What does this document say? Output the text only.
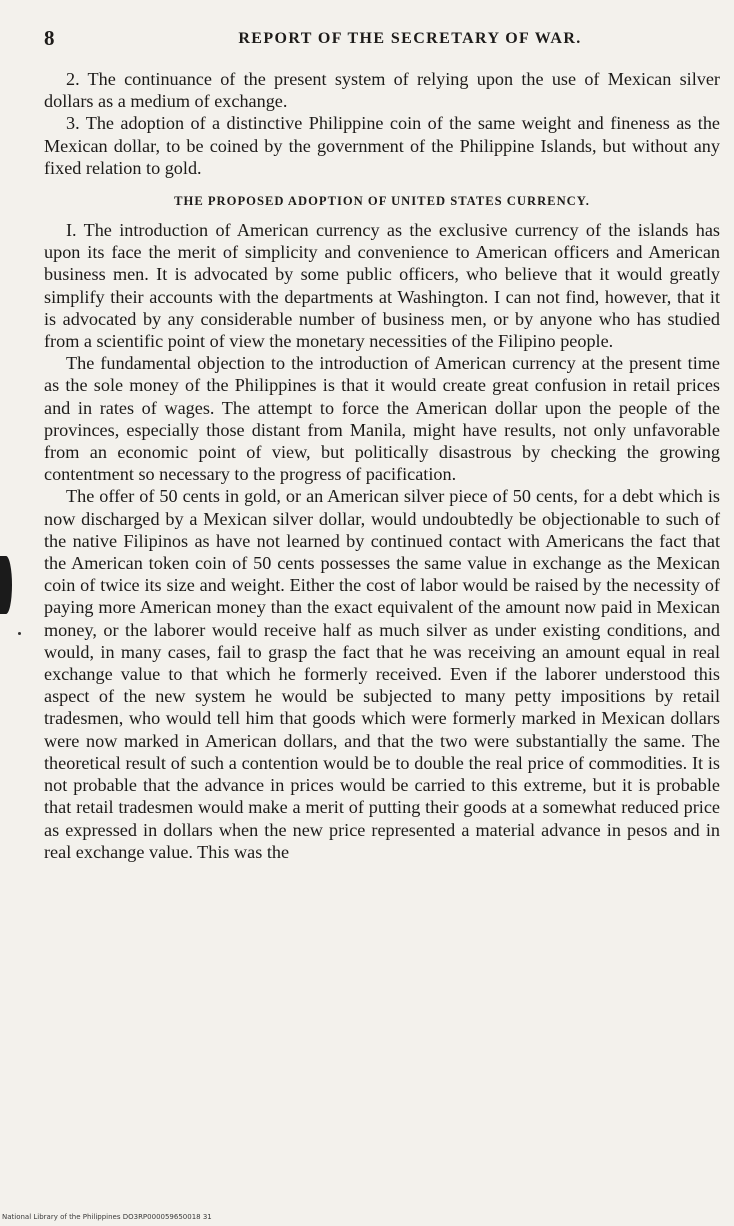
8	REPORT OF THE SECRETARY OF WAR.

2. The continuance of the present system of relying upon the use of Mexican silver dollars as a medium of exchange.

3. The adoption of a distinctive Philippine coin of the same weight and fineness as the Mexican dollar, to be coined by the government of the Philippine Islands, but without any fixed relation to gold.

THE PROPOSED ADOPTION OF UNITED STATES CURRENCY.

I. The introduction of American currency as the exclusive currency of the islands has upon its face the merit of simplicity and convenience to American officers and American business men. It is advocated by some public officers, who believe that it would greatly simplify their accounts with the departments at Washington. I can not find, however, that it is advocated by any considerable number of business men, or by anyone who has studied from a scientific point of view the monetary necessities of the Filipino people.

The fundamental objection to the introduction of American currency at the present time as the sole money of the Philippines is that it would create great confusion in retail prices and in rates of wages. The attempt to force the American dollar upon the people of the provinces, especially those distant from Manila, might have results, not only unfavorable from an economic point of view, but politically disastrous by checking the growing contentment so necessary to the progress of pacification.

The offer of 50 cents in gold, or an American silver piece of 50 cents, for a debt which is now discharged by a Mexican silver dollar, would undoubtedly be objectionable to such of the native Filipinos as have not learned by continued contact with Americans the fact that the American token coin of 50 cents possesses the same value in exchange as the Mexican coin of twice its size and weight. Either the cost of labor would be raised by the necessity of paying more American money than the exact equivalent of the amount now paid in Mexican money, or the laborer would receive half as much silver as under existing conditions, and would, in many cases, fail to grasp the fact that he was receiving an amount equal in real exchange value to that which he formerly received. Even if the laborer understood this aspect of the new system he would be subjected to many petty impositions by retail tradesmen, who would tell him that goods which were formerly marked in Mexican dollars were now marked in American dollars, and that the two were substantially the same. The theoretical result of such a contention would be to double the real price of commodities. It is not probable that the advance in prices would be carried to this extreme, but it is probable that retail tradesmen would make a merit of putting their goods at a somewhat reduced price as expressed in dollars when the new price represented a material advance in pesos and in real exchange value. This was the

National Library of the Philippines DO3RP000059650018 31
